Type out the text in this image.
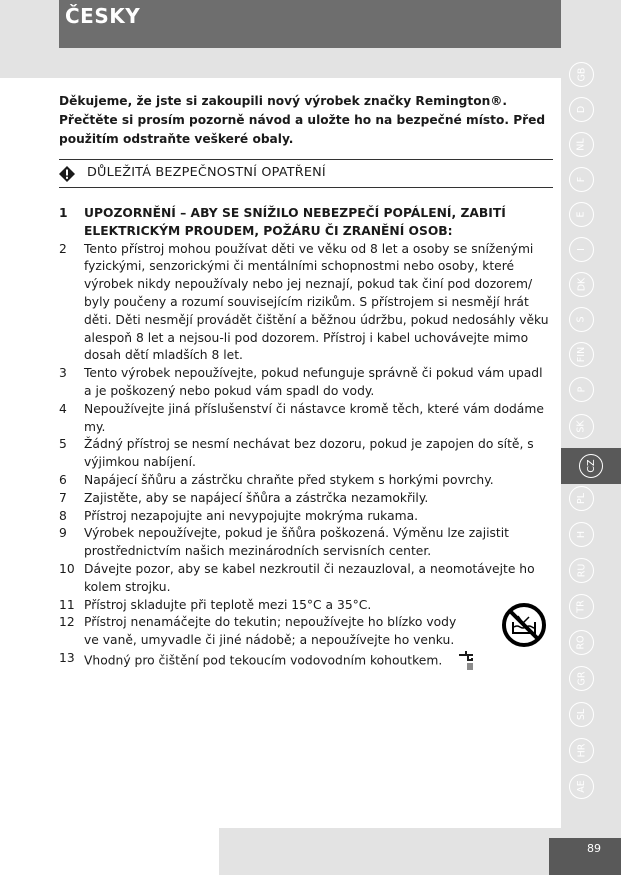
ČESKY
GB
D
NL
F
E
I
DK
S
FIN
P
SK
CZ
PL
H
RU
TR
RO
GR
SL
HR
AE
89
Děkujeme, že jste si zakoupili nový výrobek značky Remington®. Přečtěte si prosím pozorně návod a uložte ho na bezpečné místo. Před použitím odstraňte veškeré obaly.
DŮLEŽITÁ BEZPEČNOSTNÍ OPATŘENÍ
1 UPOZORNĚNÍ – ABY SE SNÍŽILO NEBEZPEČÍ POPÁLENÍ, ZABITÍ ELEKTRICKÝM PROUDEM, POŽÁRU ČI ZRANĚNÍ OSOB:
2 Tento přístroj mohou používat děti ve věku od 8 let a osoby se sníženými fyzickými, senzorickými či mentálními schopnostmi nebo osoby, které výrobek nikdy nepoužívaly nebo jej neznají, pokud tak činí pod dozorem/ byly poučeny a rozumí souvisejícím rizikům. S přístrojem si nesmějí hrát děti. Děti nesmějí provádět čištění a běžnou údržbu, pokud nedosáhly věku alespoň 8 let a nejsou-li pod dozorem. Přístroj i kabel uchovávejte mimo dosah dětí mladších 8 let.
3 Tento výrobek nepoužívejte, pokud nefunguje správně či pokud vám upadl a je poškozený nebo pokud vám spadl do vody.
4 Nepoužívejte jiná příslušenství či nástavce kromě těch, které vám dodáme my.
5 Žádný přístroj se nesmí nechávat bez dozoru, pokud je zapojen do sítě, s výjimkou nabíjení.
6 Napájecí šňůru a zástrčku chraňte před stykem s horkými povrchy.
7 Zajistěte, aby se napájecí šňůra a zástrčka nezamokřily.
8 Přístroj nezapojujte ani nevypojujte mokrýma rukama.
9 Výrobek nepoužívejte, pokud je šňůra poškozená. Výměnu lze zajistit prostřednictvím našich mezinárodních servisních center.
10 Dávejte pozor, aby se kabel nezkroutil či nezauzloval, a neomotávejte ho kolem strojku.
11 Přístroj skladujte při teplotě mezi 15°C a 35°C.
12 Přístroj nenamáčejte do tekutin; nepoužívejte ho blízko vody ve vaně, umyvadle či jiné nádobě; a nepoužívejte ho venku.
13 Vhodný pro čištění pod tekoucím vodovodním kohoutkem.
